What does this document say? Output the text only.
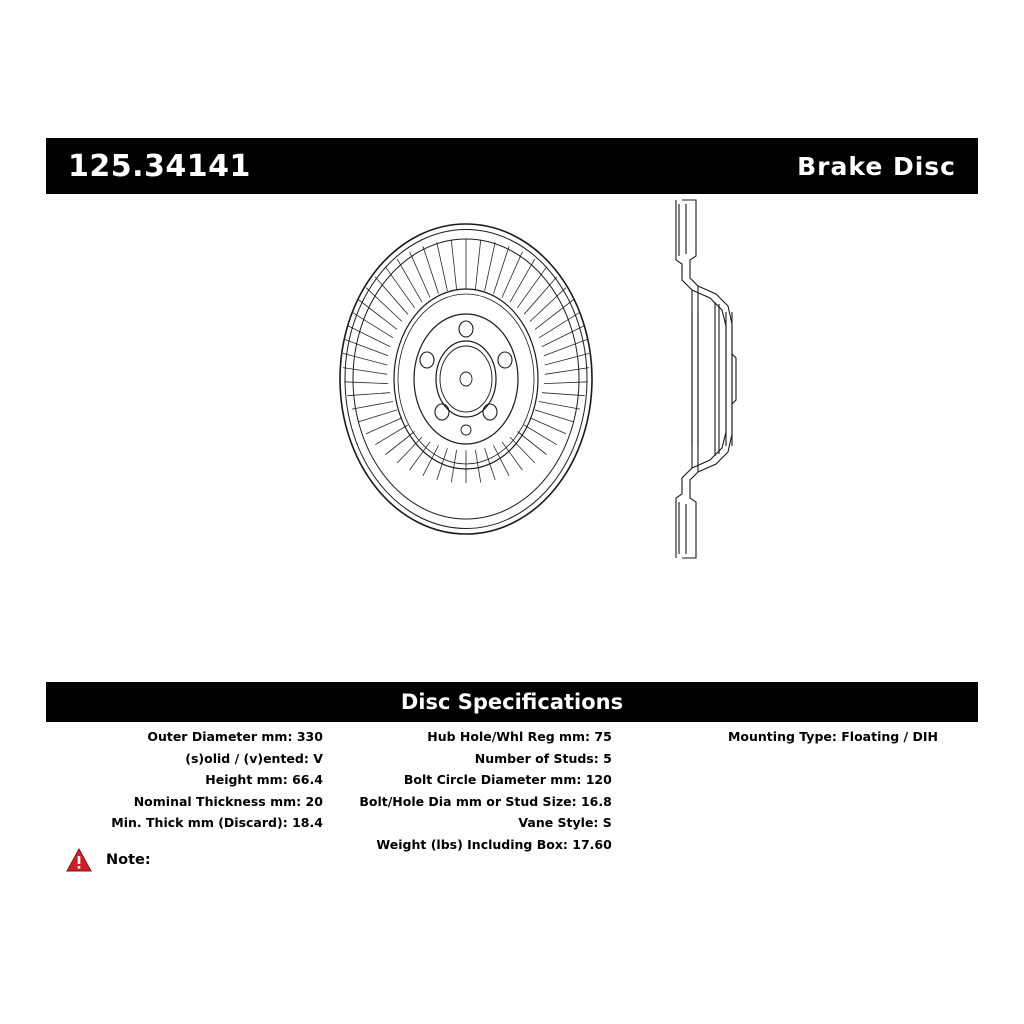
125.34141	Brake Disc
Disc Specifications
Outer Diameter mm: 330
(s)olid / (v)ented: V
Height mm: 66.4
Nominal Thickness mm: 20
Min. Thick mm (Discard): 18.4
Hub Hole/Whl Reg mm: 75
Number of Studs: 5
Bolt Circle Diameter mm: 120
Bolt/Hole Dia mm or Stud Size: 16.8
Vane Style: S
Weight (lbs) Including Box: 17.60
Mounting Type: Floating / DIH
Note:
